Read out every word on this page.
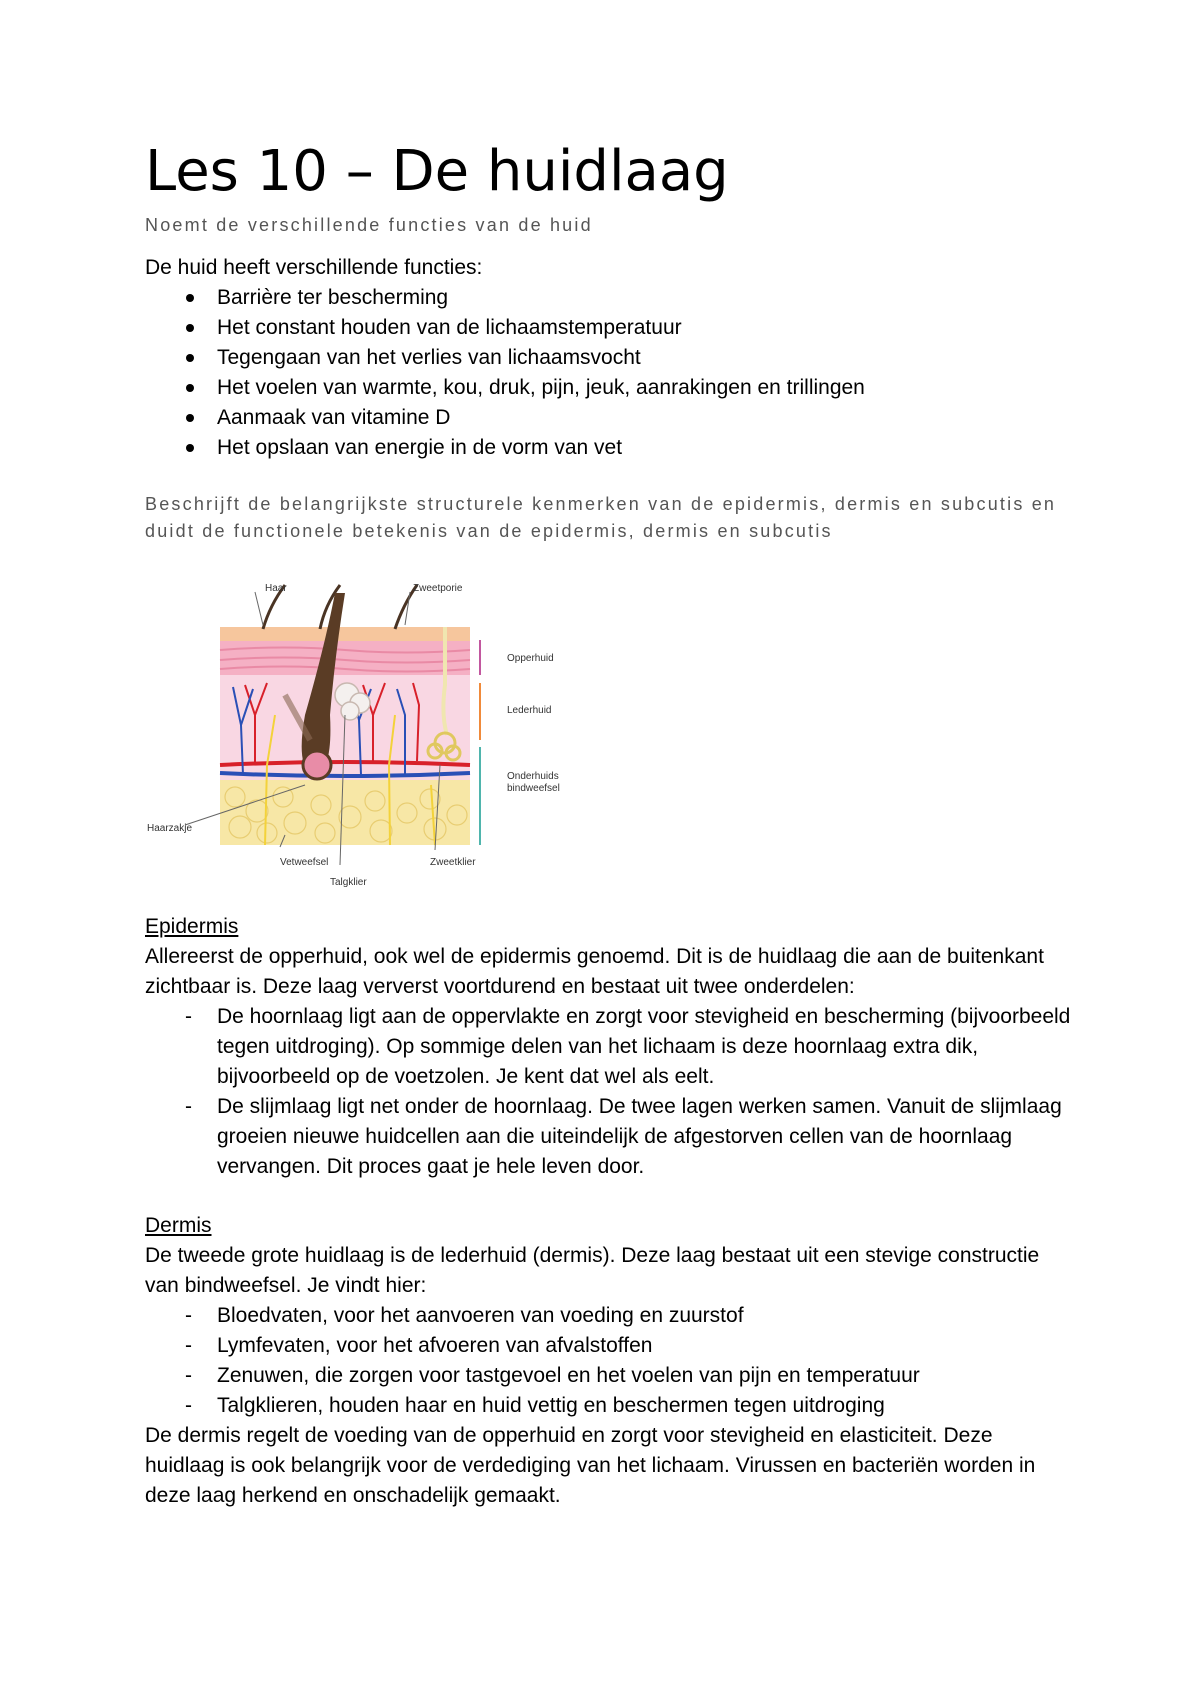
Les 10 – De huidlaag
Noemt de verschillende functies van de huid

De huid heeft verschillende functies:

Barrière ter bescherming
Het constant houden van de lichaamstemperatuur
Tegengaan van het verlies van lichaamsvocht
Het voelen van warmte, kou, druk, pijn, jeuk, aanrakingen en trillingen
Aanmaak van vitamine D
Het opslaan van energie in de vorm van vet
Beschrijft de belangrijkste structurele kenmerken van de epidermis, dermis en subcutis en duidt de functionele betekenis van de epidermis, dermis en subcutis
Haar	Zweetporie
Opperhuid
Lederhuid
Onderhuids
bindweefsel
Haarzakje
Vetweefsel	Zweetklier
Talgklier

Epidermis

Allereerst de opperhuid, ook wel de epidermis genoemd. Dit is de huidlaag die aan de buitenkant zichtbaar is. Deze laag ververst voortdurend en bestaat uit twee onderdelen:

- De hoornlaag ligt aan de oppervlakte en zorgt voor stevigheid en bescherming (bijvoorbeeld tegen uitdroging). Op sommige delen van het lichaam is deze hoornlaag extra dik, bijvoorbeeld op de voetzolen. Je kent dat wel als eelt.
- De slijmlaag ligt net onder de hoornlaag. De twee lagen werken samen. Vanuit de slijmlaag groeien nieuwe huidcellen aan die uiteindelijk de afgestorven cellen van de hoornlaag vervangen. Dit proces gaat je hele leven door.

Dermis

De tweede grote huidlaag is de lederhuid (dermis). Deze laag bestaat uit een stevige constructie van bindweefsel. Je vindt hier:

- Bloedvaten, voor het aanvoeren van voeding en zuurstof
- Lymfevaten, voor het afvoeren van afvalstoffen
- Zenuwen, die zorgen voor tastgevoel en het voelen van pijn en temperatuur
- Talgklieren, houden haar en huid vettig en beschermen tegen uitdroging

De dermis regelt de voeding van de opperhuid en zorgt voor stevigheid en elasticiteit. Deze huidlaag is ook belangrijk voor de verdediging van het lichaam. Virussen en bacteriën worden in deze laag herkend en onschadelijk gemaakt.
